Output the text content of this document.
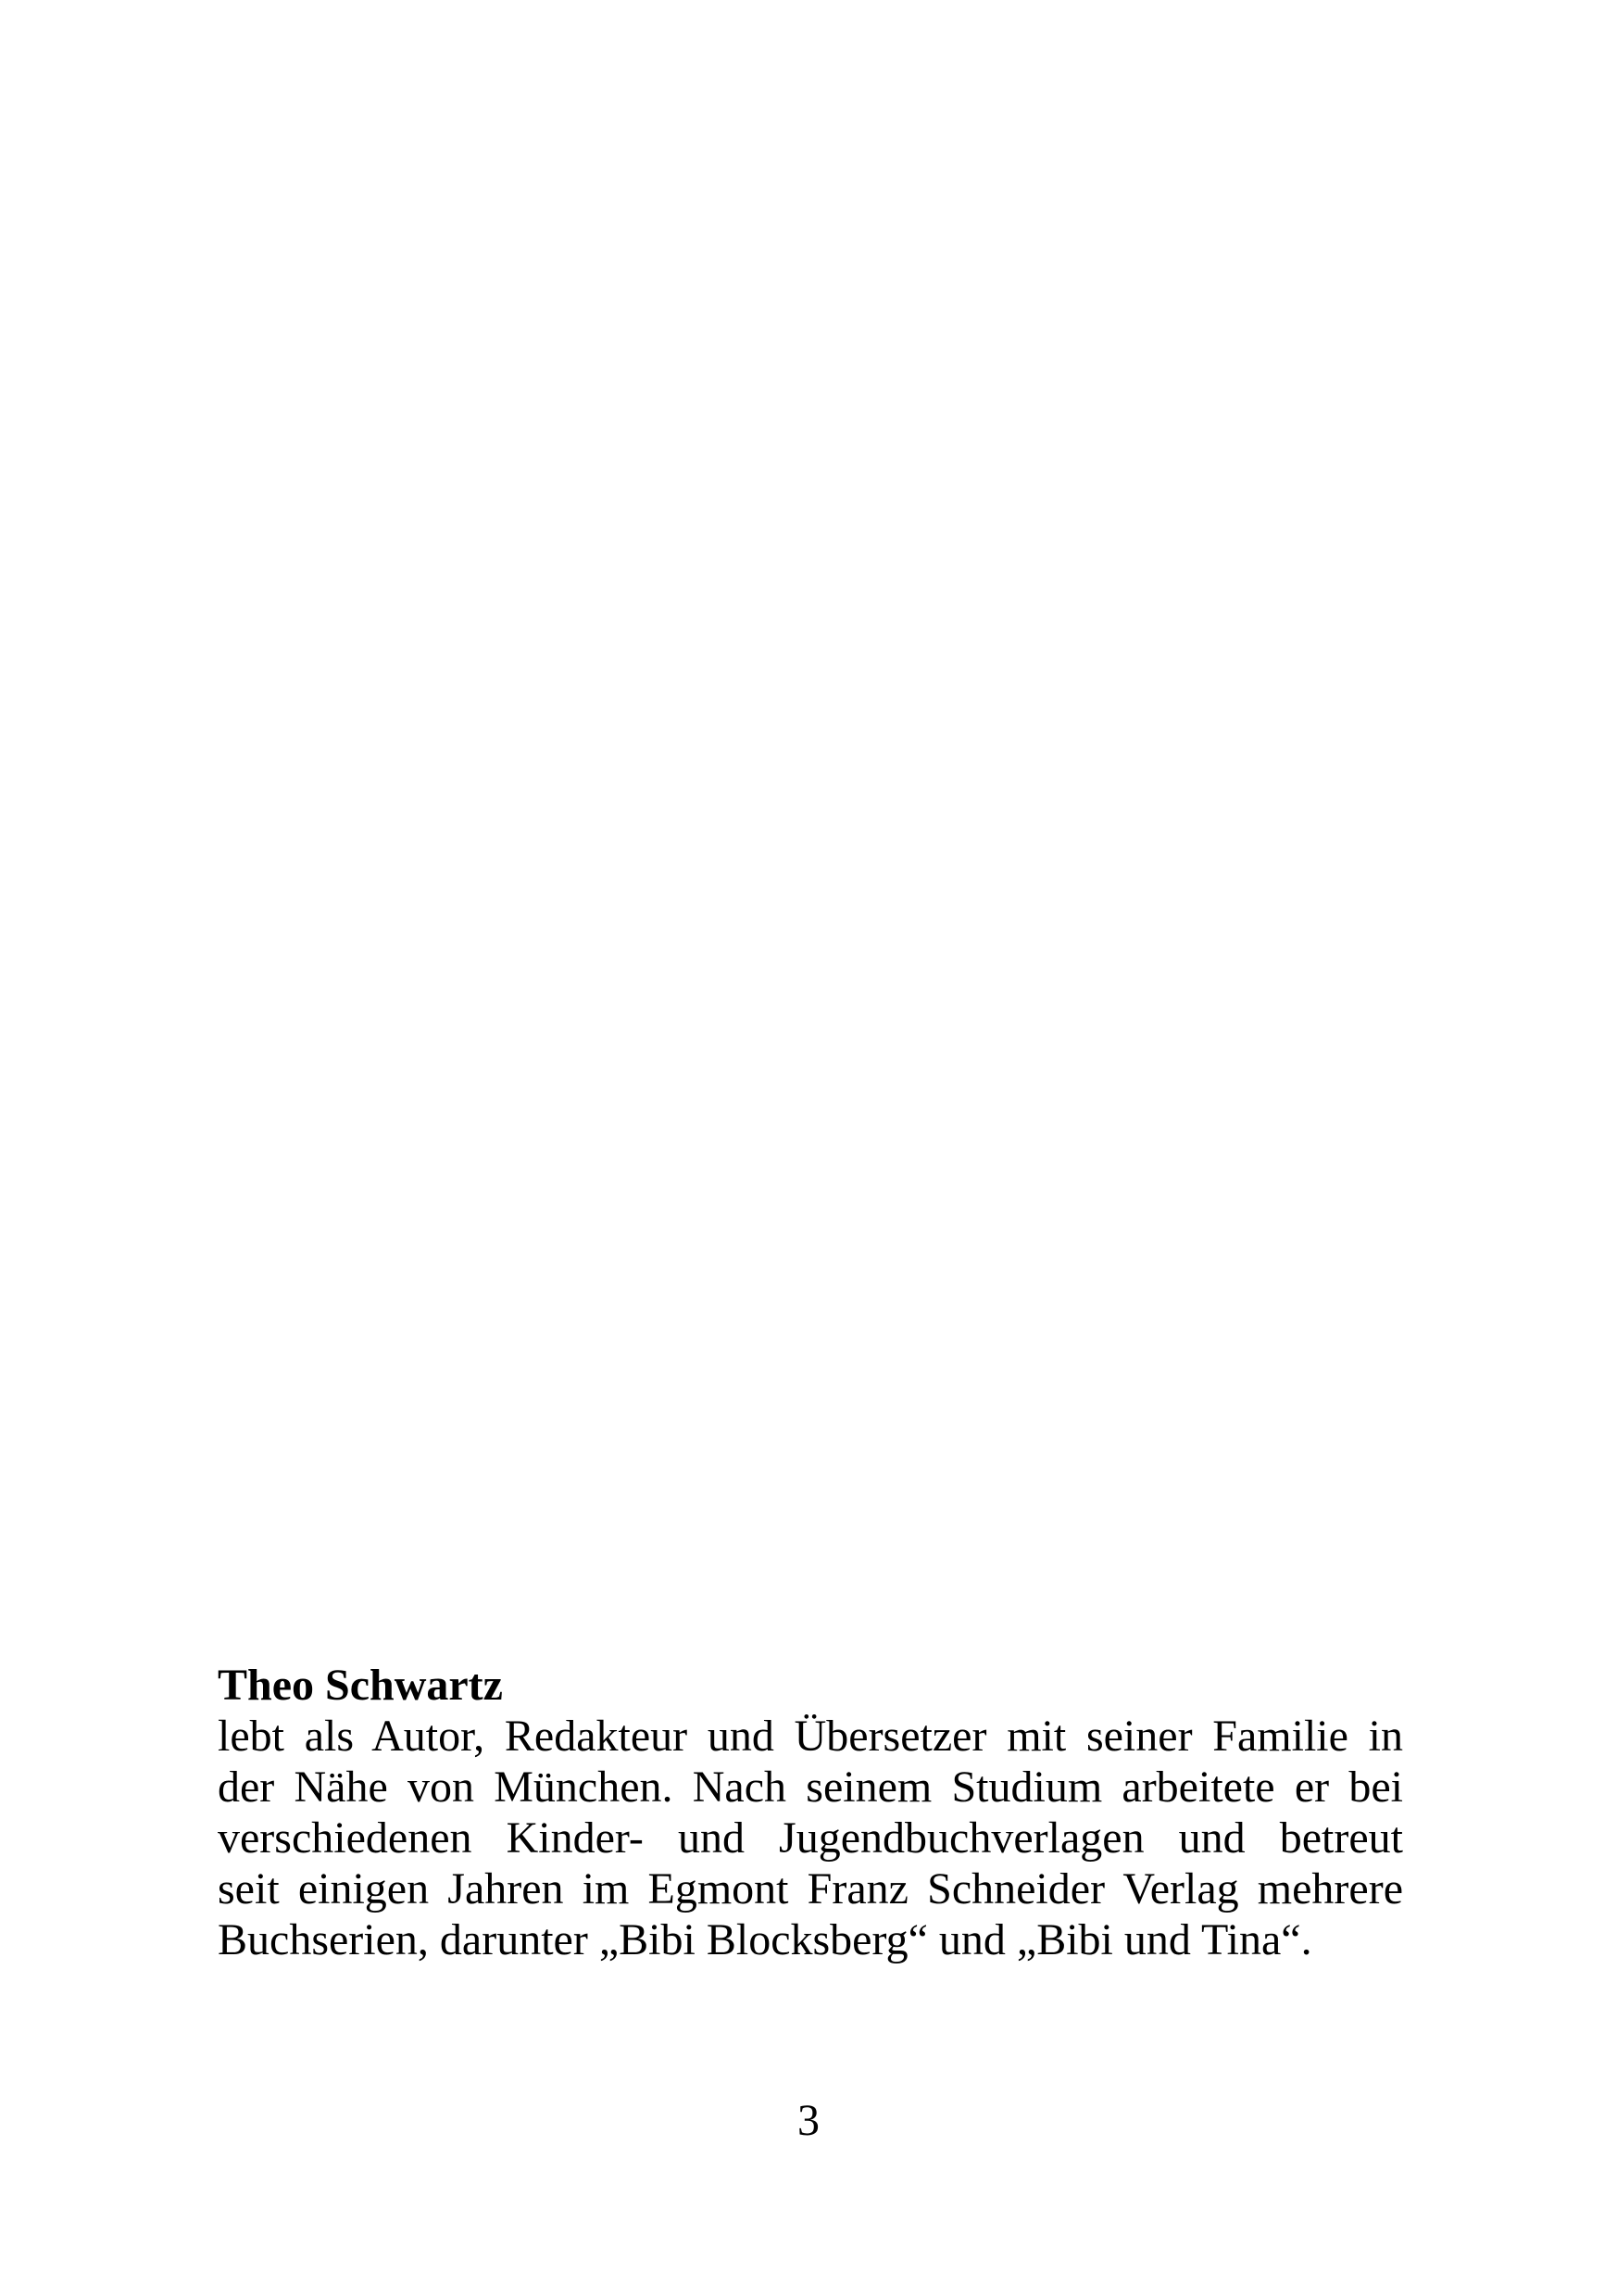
Theo Schwartz
lebt als Autor, Redakteur und Übersetzer mit seiner Familie in
der Nähe von München. Nach seinem Studium arbeitete er bei
verschiedenen Kinder- und Jugendbuchverlagen und betreut
seit einigen Jahren im Egmont Franz Schneider Verlag mehrere
Buchserien, darunter „Bibi Blocksberg“ und „Bibi und Tina“.
3
